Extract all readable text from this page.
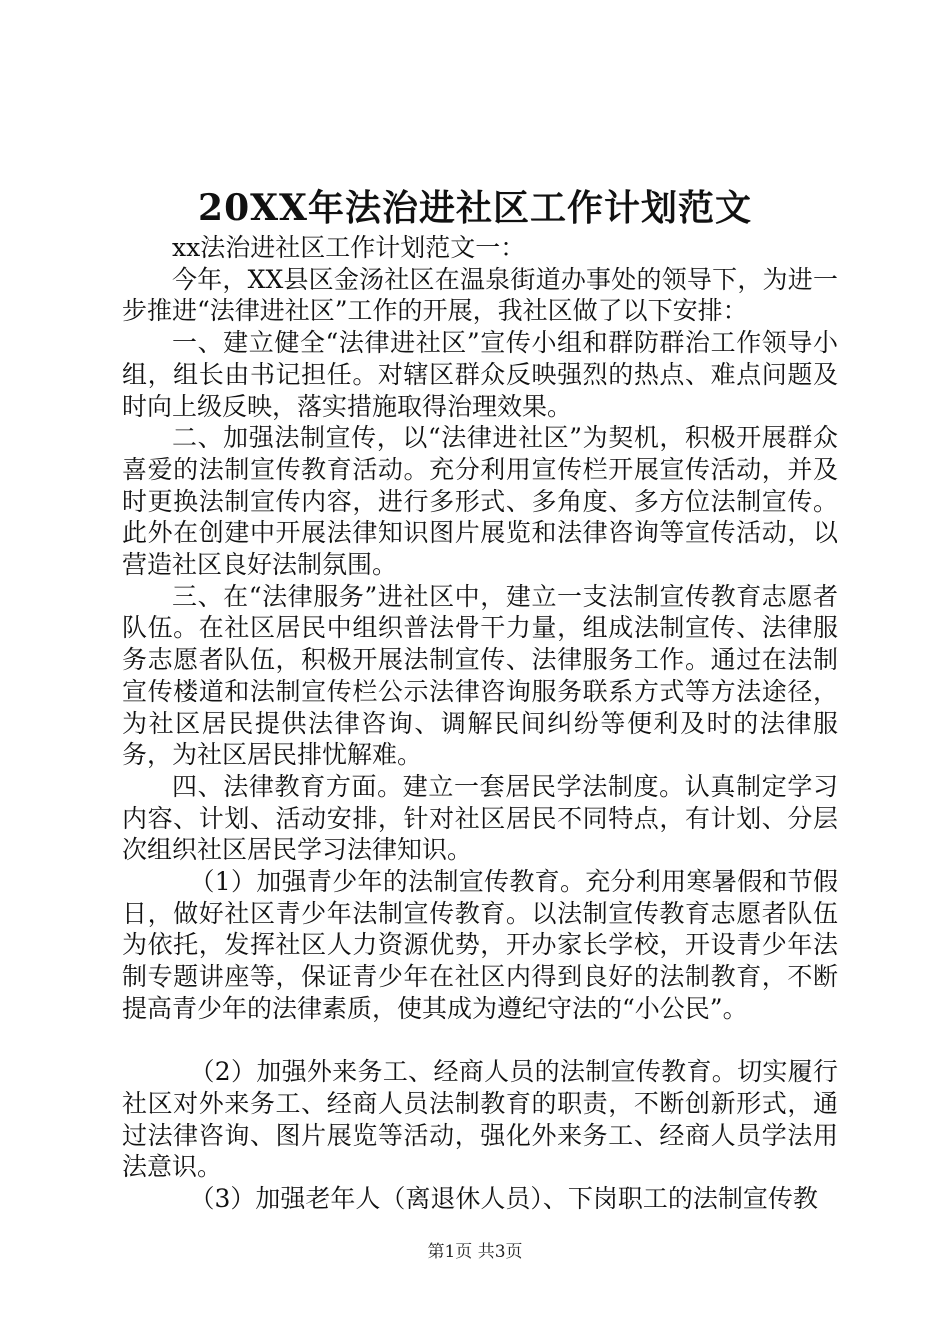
20XX年法治进社区工作计划范文

xx法治进社区工作计划范文一：

今年，XX县区金汤社区在温泉街道办事处的领导下，为进一步推进“法律进社区”工作的开展，我社区做了以下安排：

一、建立健全“法律进社区”宣传小组和群防群治工作领导小组，组长由书记担任。对辖区群众反映强烈的热点、难点问题及时向上级反映，落实措施取得治理效果。

二、加强法制宣传，以“法律进社区”为契机，积极开展群众喜爱的法制宣传教育活动。充分利用宣传栏开展宣传活动，并及时更换法制宣传内容，进行多形式、多角度、多方位法制宣传。此外在创建中开展法律知识图片展览和法律咨询等宣传活动，以营造社区良好法制氛围。

三、在“法律服务”进社区中，建立一支法制宣传教育志愿者队伍。在社区居民中组织普法骨干力量，组成法制宣传、法律服务志愿者队伍，积极开展法制宣传、法律服务工作。通过在法制宣传楼道和法制宣传栏公示法律咨询服务联系方式等方法途径，为社区居民提供法律咨询、调解民间纠纷等便利及时的法律服务，为社区居民排忧解难。

四、法律教育方面。建立一套居民学法制度。认真制定学习内容、计划、活动安排，针对社区居民不同特点，有计划、分层次组织社区居民学习法律知识。

（1）加强青少年的法制宣传教育。充分利用寒暑假和节假日，做好社区青少年法制宣传教育。以法制宣传教育志愿者队伍为依托，发挥社区人力资源优势，开办家长学校，开设青少年法制专题讲座等，保证青少年在社区内得到良好的法制教育，不断提高青少年的法律素质，使其成为遵纪守法的“小公民”。

（2）加强外来务工、经商人员的法制宣传教育。切实履行社区对外来务工、经商人员法制教育的职责，不断创新形式，通过法律咨询、图片展览等活动，强化外来务工、经商人员学法用法意识。

（3）加强老年人（离退休人员）、下岗职工的法制宣传教

第1页 共3页
